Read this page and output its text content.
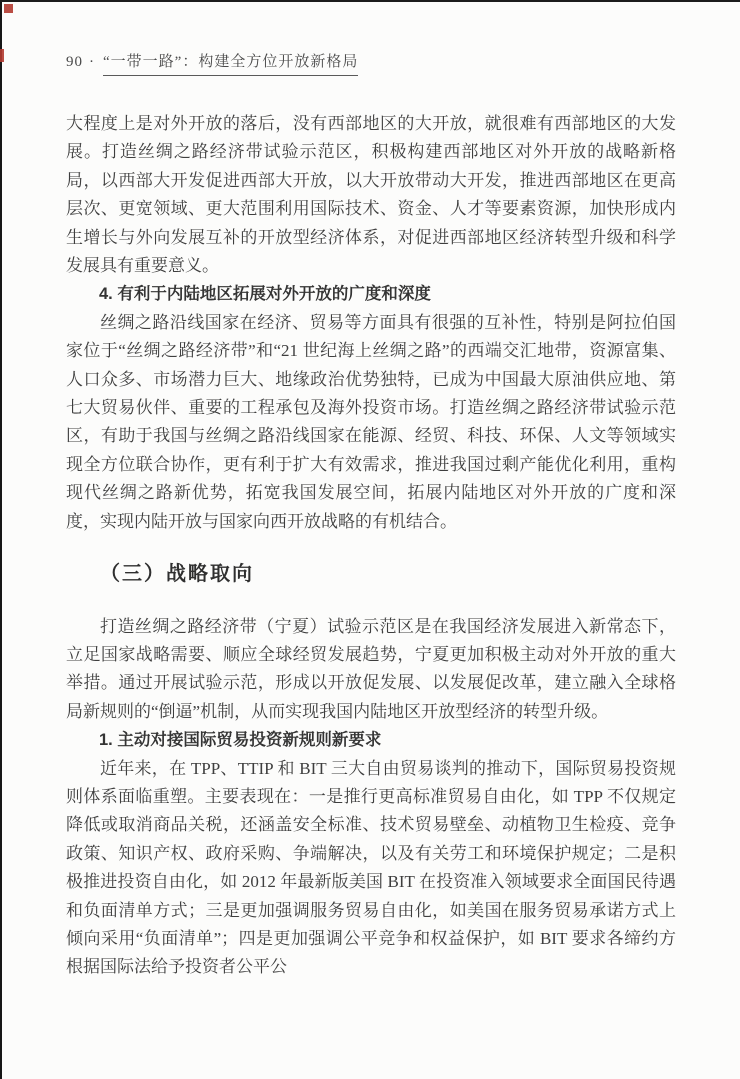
90 · “一带一路”：构建全方位开放新格局

大程度上是对外开放的落后，没有西部地区的大开放，就很难有西部地区的大发展。打造丝绸之路经济带试验示范区，积极构建西部地区对外开放的战略新格局，以西部大开发促进西部大开放，以大开放带动大开发，推进西部地区在更高层次、更宽领域、更大范围利用国际技术、资金、人才等要素资源，加快形成内生增长与外向发展互补的开放型经济体系，对促进西部地区经济转型升级和科学发展具有重要意义。

4. 有利于内陆地区拓展对外开放的广度和深度

丝绸之路沿线国家在经济、贸易等方面具有很强的互补性，特别是阿拉伯国家位于“丝绸之路经济带”和“21 世纪海上丝绸之路”的西端交汇地带，资源富集、人口众多、市场潜力巨大、地缘政治优势独特，已成为中国最大原油供应地、第七大贸易伙伴、重要的工程承包及海外投资市场。打造丝绸之路经济带试验示范区，有助于我国与丝绸之路沿线国家在能源、经贸、科技、环保、人文等领域实现全方位联合协作，更有利于扩大有效需求，推进我国过剩产能优化利用，重构现代丝绸之路新优势，拓宽我国发展空间，拓展内陆地区对外开放的广度和深度，实现内陆开放与国家向西开放战略的有机结合。

（三）战略取向

打造丝绸之路经济带（宁夏）试验示范区是在我国经济发展进入新常态下，立足国家战略需要、顺应全球经贸发展趋势，宁夏更加积极主动对外开放的重大举措。通过开展试验示范，形成以开放促发展、以发展促改革，建立融入全球格局新规则的“倒逼”机制，从而实现我国内陆地区开放型经济的转型升级。

1. 主动对接国际贸易投资新规则新要求

近年来，在 TPP、TTIP 和 BIT 三大自由贸易谈判的推动下，国际贸易投资规则体系面临重塑。主要表现在：一是推行更高标准贸易自由化，如 TPP 不仅规定降低或取消商品关税，还涵盖安全标准、技术贸易壁垒、动植物卫生检疫、竞争政策、知识产权、政府采购、争端解决，以及有关劳工和环境保护规定；二是积极推进投资自由化，如 2012 年最新版美国 BIT 在投资准入领域要求全面国民待遇和负面清单方式；三是更加强调服务贸易自由化，如美国在服务贸易承诺方式上倾向采用“负面清单”；四是更加强调公平竞争和权益保护，如 BIT 要求各缔约方根据国际法给予投资者公平公
